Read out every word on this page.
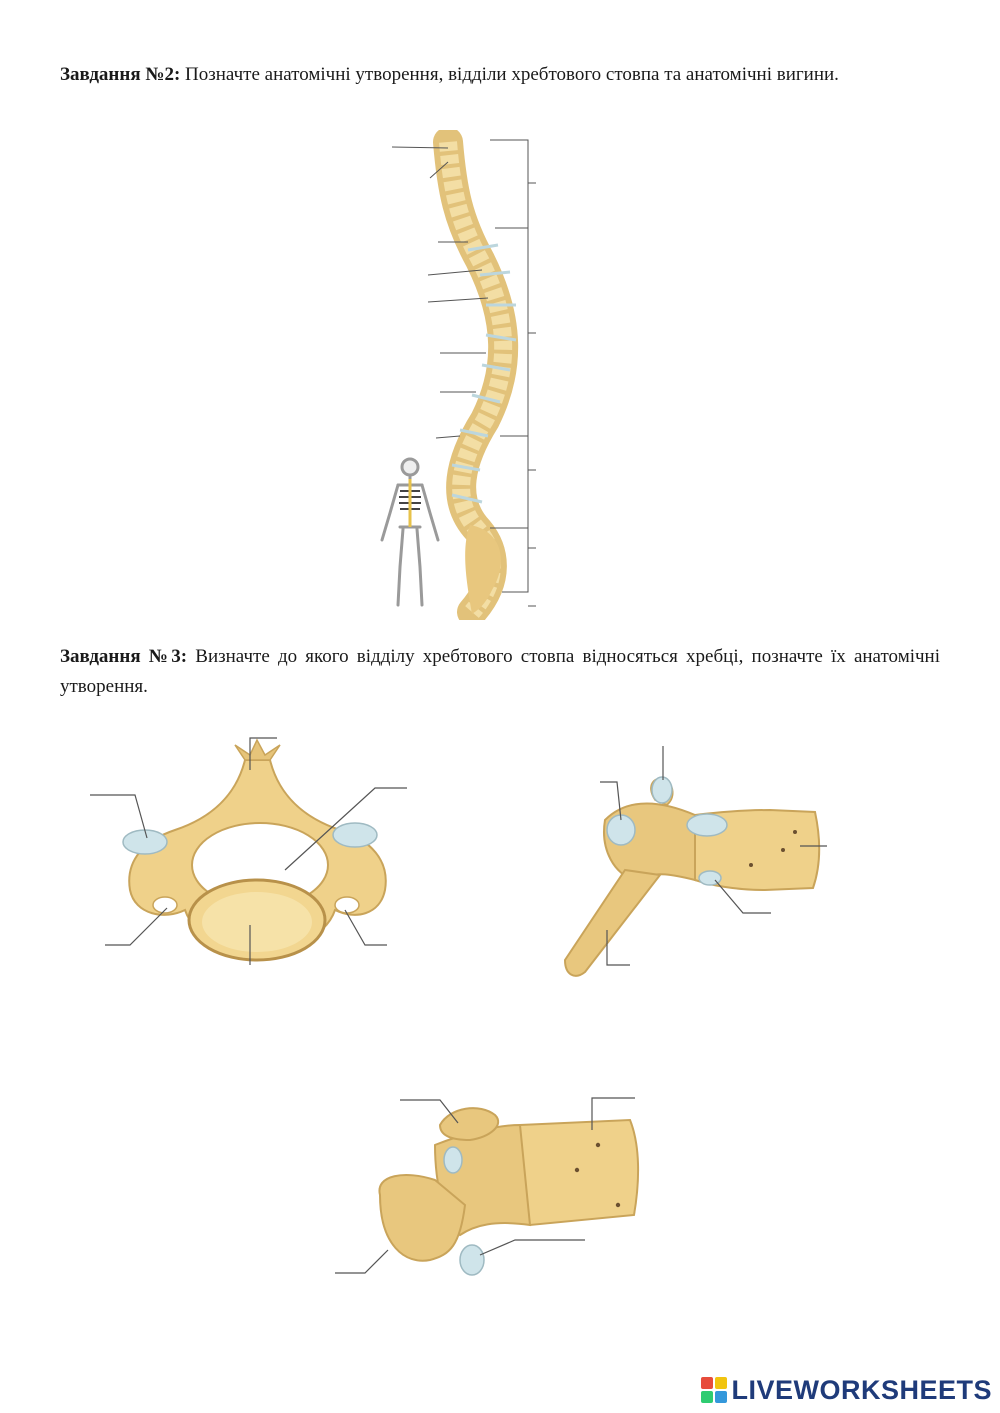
Завдання №2: Позначте анатомічні утворення, відділи хребтового стовпа та анатомічні вигини.
Завдання №3: Визначте до якого відділу хребтового стовпа відносяться хребці, позначте їх анатомічні утворення.
LIVEWORKSHEETS
